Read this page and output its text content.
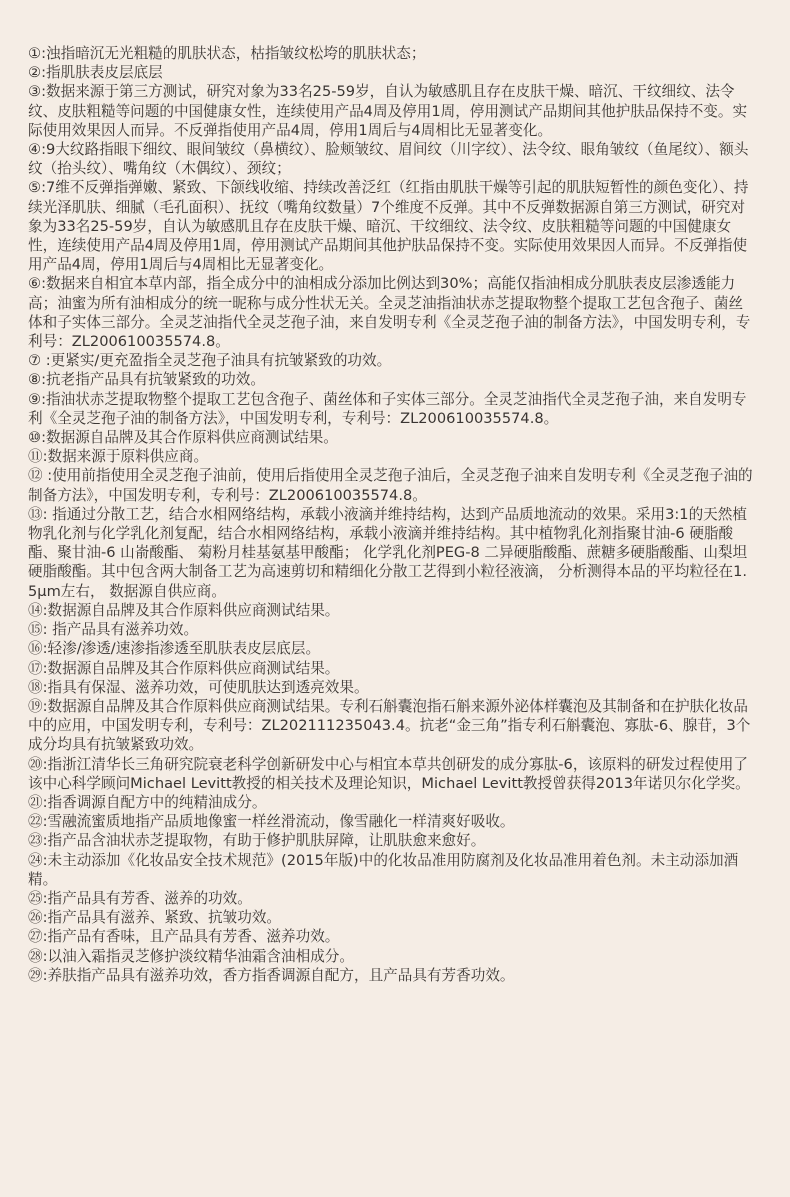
①:浊指暗沉无光粗糙的肌肤状态，枯指皱纹松垮的肌肤状态；
②:指肌肤表皮层底层
③:数据来源于第三方测试，研究对象为33名25-59岁，自认为敏感肌且存在皮肤干燥、暗沉、干纹细纹、法令纹、皮肤粗糙等问题的中国健康女性，连续使用产品4周及停用1周，停用测试产品期间其他护肤品保持不变。实际使用效果因人而异。不反弹指使用产品4周，停用1周后与4周相比无显著变化。
④:9大纹路指眼下细纹、眼间皱纹（鼻横纹）、脸颊皱纹、眉间纹（川字纹）、法令纹、眼角皱纹（鱼尾纹）、额头纹（抬头纹）、嘴角纹（木偶纹）、颈纹；
⑤:7维不反弹指弹嫩、紧致、下颌线收缩、持续改善泛红（红指由肌肤干燥等引起的肌肤短暂性的颜色变化）、持续光泽肌肤、细腻（毛孔面积）、抚纹（嘴角纹数量）7个维度不反弹。其中不反弹数据源自第三方测试，研究对象为33名25-59岁，自认为敏感肌且存在皮肤干燥、暗沉、干纹细纹、法令纹、皮肤粗糙等问题的中国健康女性，连续使用产品4周及停用1周，停用测试产品期间其他护肤品保持不变。实际使用效果因人而异。不反弹指使用产品4周，停用1周后与4周相比无显著变化。
⑥:数据来自相宜本草内部，指全成分中的油相成分添加比例达到30%；高能仅指油相成分肌肤表皮层渗透能力高；油蜜为所有油相成分的统一昵称与成分性状无关。全灵芝油指油状赤芝提取物整个提取工艺包含孢子、菌丝体和子实体三部分。全灵芝油指代全灵芝孢子油，来自发明专利《全灵芝孢子油的制备方法》，中国发明专利，专利号：ZL200610035574.8。
⑦ :更紧实/更充盈指全灵芝孢子油具有抗皱紧致的功效。
⑧:抗老指产品具有抗皱紧致的功效。
⑨:指油状赤芝提取物整个提取工艺包含孢子、菌丝体和子实体三部分。全灵芝油指代全灵芝孢子油，来自发明专利《全灵芝孢子油的制备方法》，中国发明专利，专利号：ZL200610035574.8。
⑩:数据源自品牌及其合作原料供应商测试结果。
⑪:数据来源于原料供应商。
⑫ :使用前指使用全灵芝孢子油前，使用后指使用全灵芝孢子油后，全灵芝孢子油来自发明专利《全灵芝孢子油的制备方法》，中国发明专利，专利号：ZL200610035574.8。
⑬: 指通过分散工艺，结合水相网络结构，承载小液滴并维持结构，达到产品质地流动的效果。采用3:1的天然植物乳化剂与化学乳化剂复配，结合水相网络结构，承载小液滴并维持结构。其中植物乳化剂指聚甘油-6 硬脂酸酯、聚甘油-6 山嵛酸酯、 菊粉月桂基氨基甲酸酯； 化学乳化剂PEG-8 二异硬脂酸酯、蔗糖多硬脂酸酯、山梨坦硬脂酸酯。其中包含两大制备工艺为高速剪切和精细化分散工艺得到小粒径液滴， 分析测得本品的平均粒径在1.5μm左右， 数据源自供应商。
⑭:数据源自品牌及其合作原料供应商测试结果。
⑮: 指产品具有滋养功效。
⑯:轻渗/渗透/速渗指渗透至肌肤表皮层底层。
⑰:数据源自品牌及其合作原料供应商测试结果。
⑱:指具有保湿、滋养功效，可使肌肤达到透亮效果。
⑲:数据源自品牌及其合作原料供应商测试结果。专利石斛囊泡指石斛来源外泌体样囊泡及其制备和在护肤化妆品中的应用，中国发明专利，专利号：ZL202111235043.4。抗老“金三角”指专利石斛囊泡、寡肽-6、腺苷，3个成分均具有抗皱紧致功效。
⑳:指浙江清华长三角研究院衰老科学创新研发中心与相宜本草共创研发的成分寡肽-6，该原料的研发过程使用了该中心科学顾问Michael Levitt教授的相关技术及理论知识，Michael Levitt教授曾获得2013年诺贝尔化学奖。
㉑:指香调源自配方中的纯精油成分。
㉒:雪融流蜜质地指产品质地像蜜一样丝滑流动，像雪融化一样清爽好吸收。
㉓:指产品含油状赤芝提取物，有助于修护肌肤屏障，让肌肤愈来愈好。
㉔:未主动添加《化妆品安全技术规范》(2015年版)中的化妆品准用防腐剂及化妆品准用着色剂。未主动添加酒精。
㉕:指产品具有芳香、滋养的功效。
㉖:指产品具有滋养、紧致、抗皱功效。
㉗:指产品有香味，且产品具有芳香、滋养功效。
㉘:以油入霜指灵芝修护淡纹精华油霜含油相成分。
㉙:养肤指产品具有滋养功效，香方指香调源自配方，且产品具有芳香功效。
